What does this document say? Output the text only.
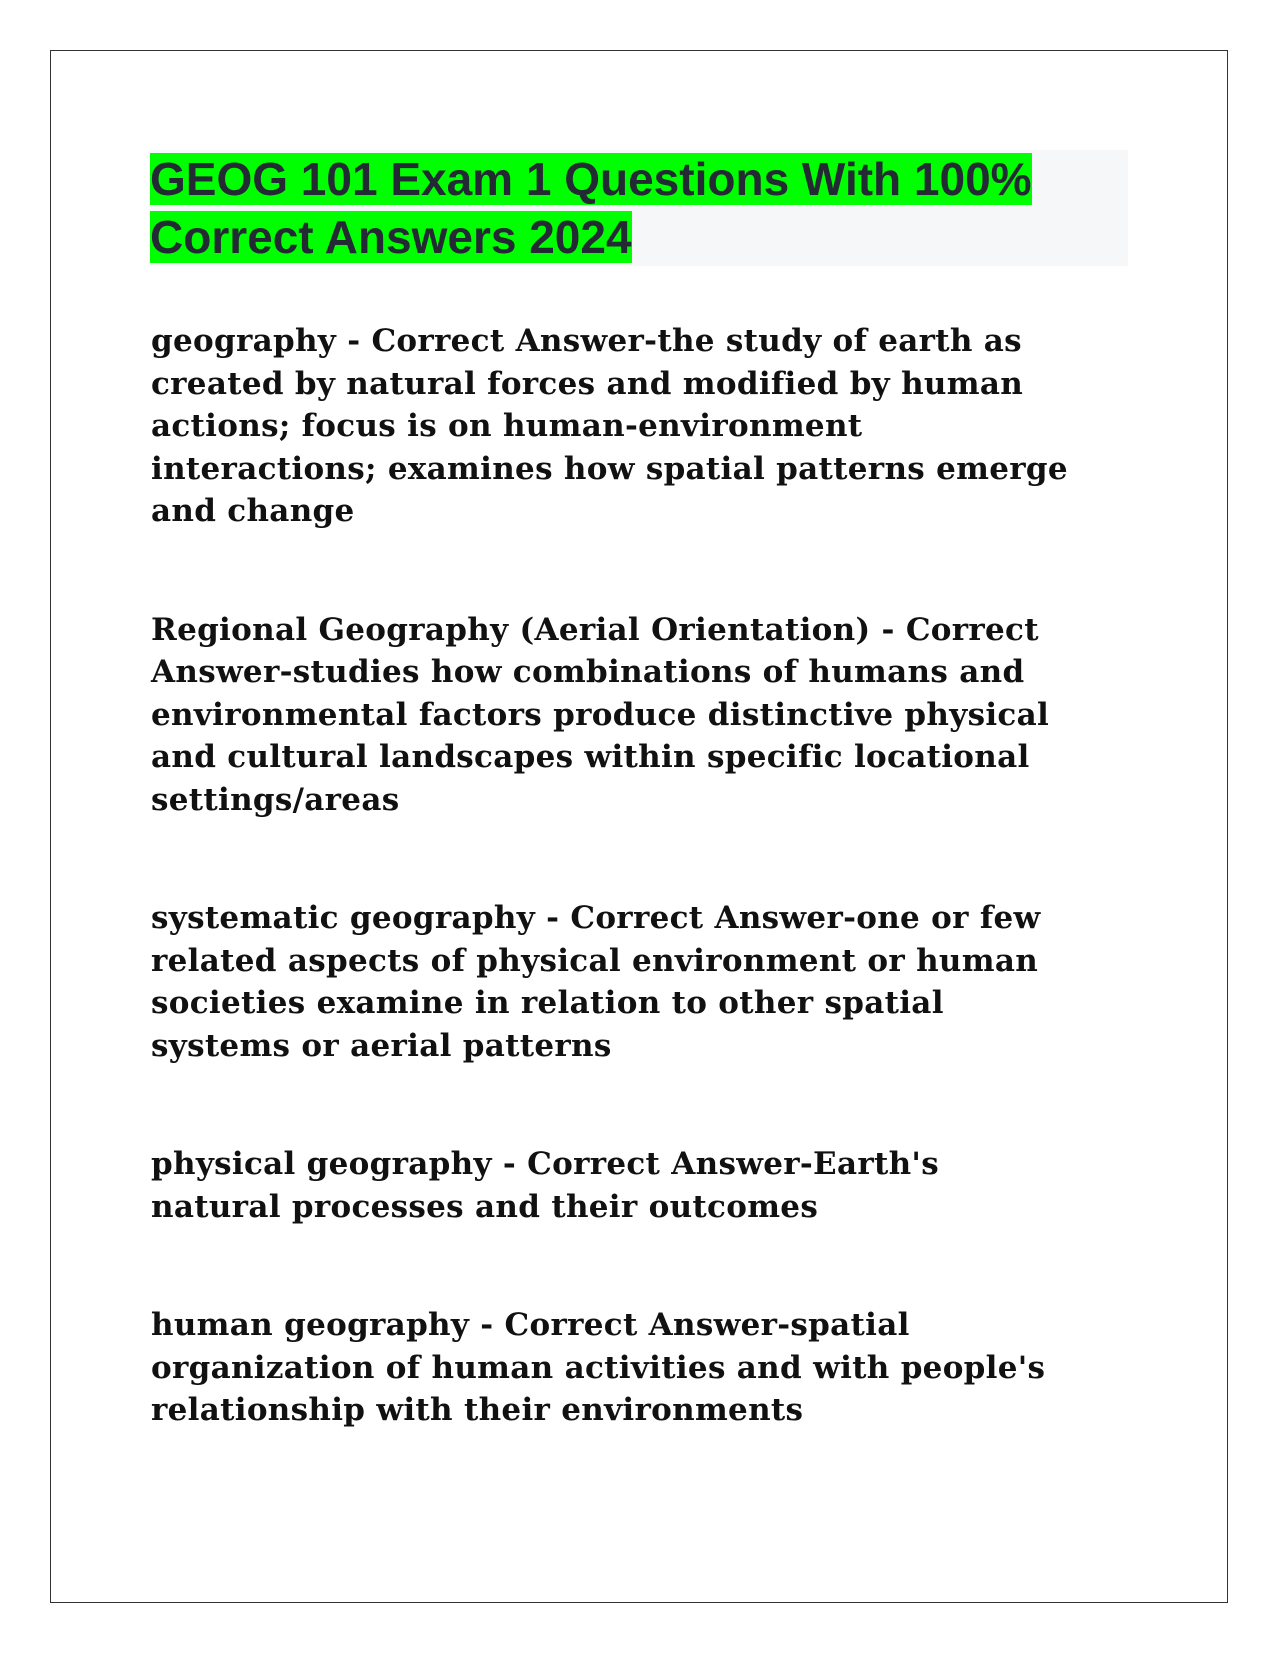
GEOG 101 Exam 1 Questions With 100%
Correct Answers 2024

geography - Correct Answer-the study of earth as
created by natural forces and modified by human
actions; focus is on human-environment
interactions; examines how spatial patterns emerge
and change

Regional Geography (Aerial Orientation) - Correct
Answer-studies how combinations of humans and
environmental factors produce distinctive physical
and cultural landscapes within specific locational
settings/areas

systematic geography - Correct Answer-one or few
related aspects of physical environment or human
societies examine in relation to other spatial
systems or aerial patterns

physical geography - Correct Answer-Earth's
natural processes and their outcomes

human geography - Correct Answer-spatial
organization of human activities and with people's
relationship with their environments
